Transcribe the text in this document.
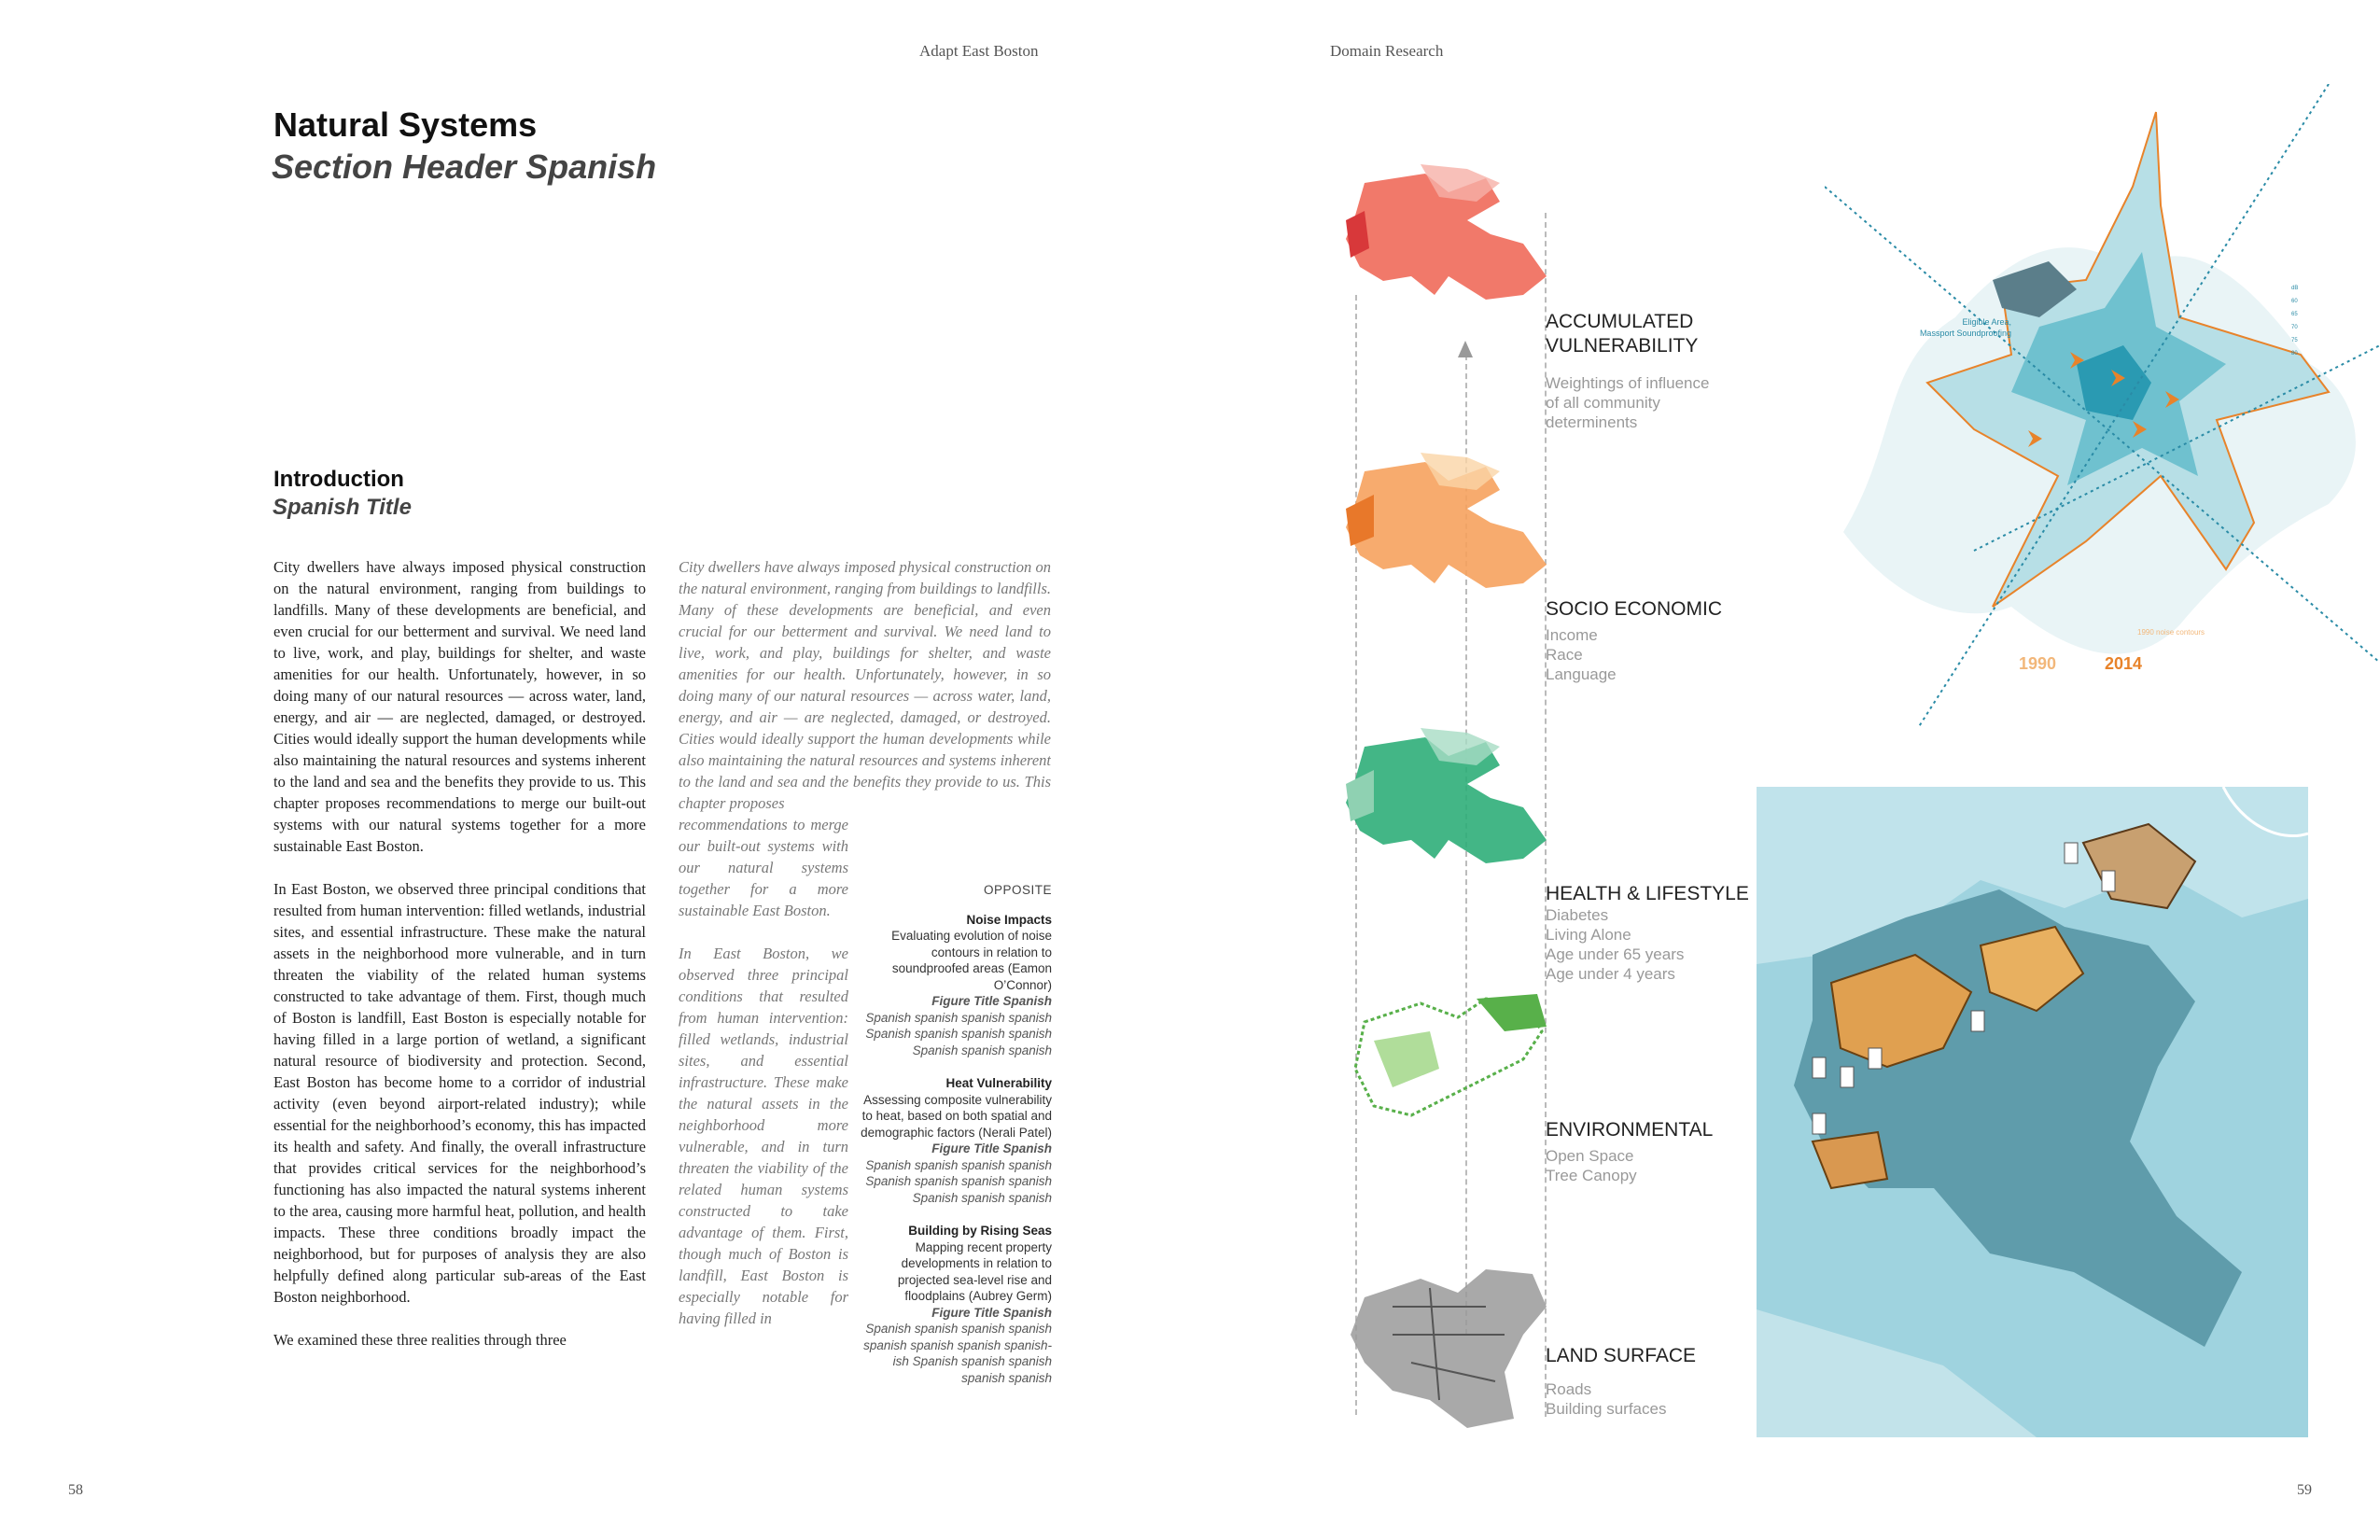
Adapt East Boston	Domain Research
Natural Systems
Section Header Spanish
Introduction
Spanish Title

City dwellers have always imposed physical construction on the natural environment, ranging from buildings to landfills. Many of these developments are beneficial, and even crucial for our betterment and survival. We need land to live, work, and play, buildings for shelter, and waste amenities for our health. Unfortunately, however, in so doing many of our natural resources — across water, land, energy, and air — are neglected, damaged, or destroyed. Cities would ideally support the human developments while also maintaining the natural resources and systems inherent to the land and sea and the benefits they provide to us. This chapter proposes recommendations to merge our built-out systems with our natural systems together for a more sustainable East Boston.

In East Boston, we observed three principal conditions that resulted from human intervention: filled wetlands, industrial sites, and essential infrastructure. These make the natural assets in the neighborhood more vulnerable, and in turn threaten the viability of the related human systems constructed to take advantage of them. First, though much of Boston is landfill, East Boston is especially notable for having filled in a large portion of wetland, a significant natural resource of biodiversity and protection. Second, East Boston has become home to a corridor of industrial activity (even beyond airport-related industry); while essential for the neighborhood’s economy, this has impacted its health and safety. And finally, the overall infrastructure that provides critical services for the neighborhood’s functioning has also impacted the natural systems inherent to the area, causing more harmful heat, pollution, and health impacts. These three conditions broadly impact the neighborhood, but for purposes of analysis they are also helpfully defined along particular sub-areas of the East Boston neighborhood.

We examined these three realities through three

City dwellers have always imposed physical construction on the natural environment, ranging from buildings to landfills. Many of these developments are beneficial, and even crucial for our betterment and survival. We need land to live, work, and play, buildings for shelter, and waste amenities for our health. Unfortunately, however, in so doing many of our natural resources — across water, land, energy, and air — are neglected, damaged, or destroyed. Cities would ideally support the human developments while also maintaining the natural resources and systems inherent to the land and sea and the benefits they provide to us. This chapter proposes

recommendations to merge our built-out systems with our natural systems together for a more sustainable East Boston.

In East Boston, we observed three principal conditions that resulted from human intervention: filled wetlands, industrial sites, and essential infrastructure. These make the natural assets in the neighborhood more vulnerable, and in turn threaten the viability of the related human systems constructed to take advantage of them. First, though much of Boston is landfill, East Boston is especially notable for having filled in

OPPOSITE
Noise Impacts
Evaluating evolution of noise contours in relation to soundproofed areas (Eamon O’Connor)
Figure Title Spanish
Spanish spanish spanish spanish Spanish spanish spanish spanish Spanish spanish spanish
Heat Vulnerability
Assessing composite vulnerability to heat, based on both spatial and demographic factors (Nerali Patel)
Figure Title Spanish
Spanish spanish spanish spanish Spanish spanish spanish spanish Spanish spanish spanish
Building by Rising Seas
Mapping recent property developments in relation to projected sea-level rise and floodplains (Aubrey Germ)
Figure Title Spanish
Spanish spanish spanish spanish spanish spanish spanish spanish-ish Spanish spanish spanish spanish spanish
ACCUMULATED VULNERABILITY
Weightings of influence
of all community
determinents
SOCIO ECONOMIC
Income
Race
Language
HEALTH & LIFESTYLE
Diabetes
Living Alone
Age under 65 years
Age under 4 years
ENVIRONMENTAL
Open Space
Tree Canopy
LAND SURFACE
Roads
Building surfaces
Eligible Area,
Massport Soundproofing
dB
60
65
70
75
80
1990 noise contours
1990	2014
58	59
